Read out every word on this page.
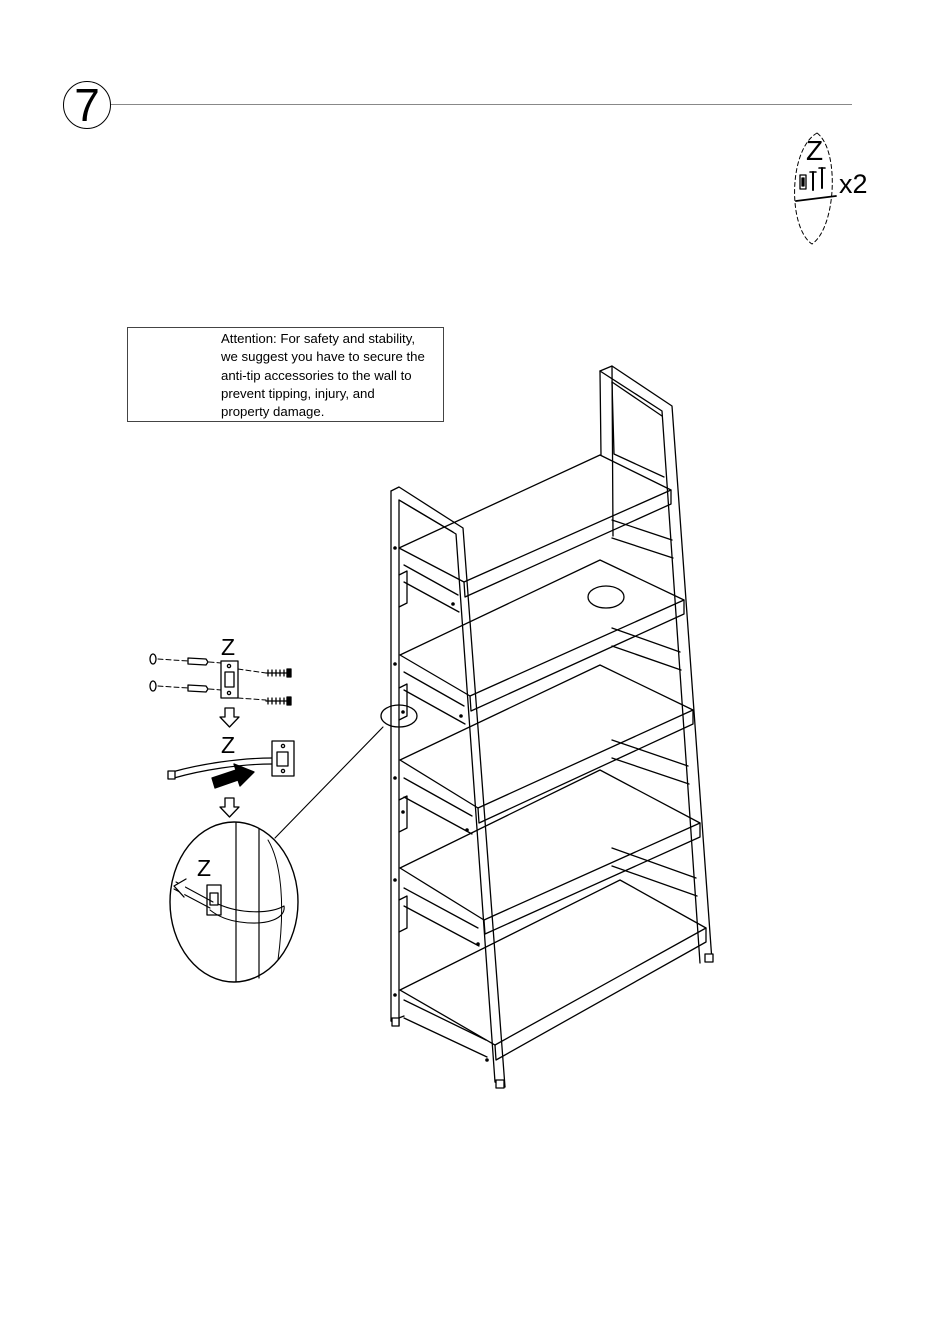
7
Z
x2
Attention: For safety and stability,
we suggest you have to secure the
anti-tip accessories to the wall to
prevent tipping, injury, and
property damage.
Z
Z
Z
